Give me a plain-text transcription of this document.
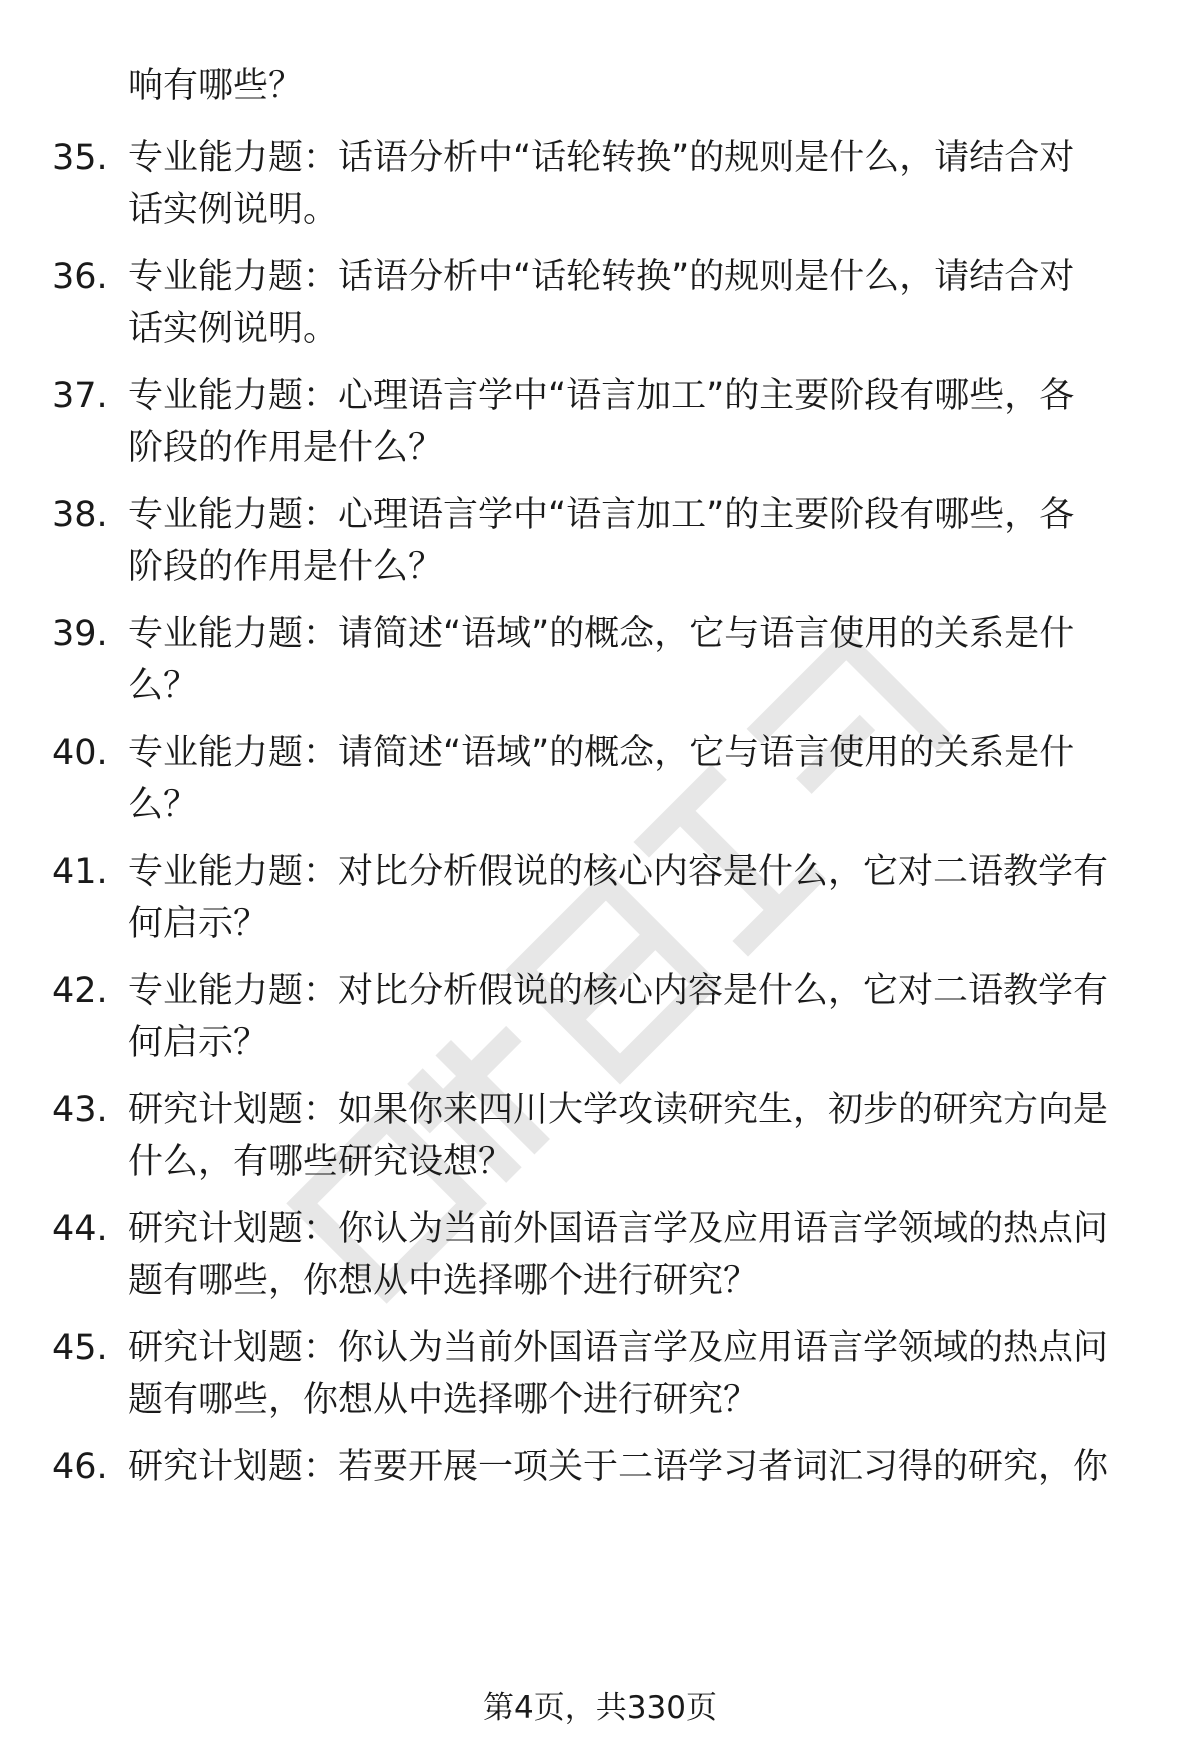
响有哪些？
35. 专业能力题：话语分析中“话轮转换”的规则是什么，请结合对
话实例说明。
36. 专业能力题：话语分析中“话轮转换”的规则是什么，请结合对
话实例说明。
37. 专业能力题：心理语言学中“语言加工”的主要阶段有哪些，各
阶段的作用是什么？
38. 专业能力题：心理语言学中“语言加工”的主要阶段有哪些，各
阶段的作用是什么？
39. 专业能力题：请简述“语域”的概念，它与语言使用的关系是什
么？
40. 专业能力题：请简述“语域”的概念，它与语言使用的关系是什
么？
41. 专业能力题：对比分析假说的核心内容是什么，它对二语教学有
何启示？
42. 专业能力题：对比分析假说的核心内容是什么，它对二语教学有
何启示？
43. 研究计划题：如果你来四川大学攻读研究生，初步的研究方向是
什么，有哪些研究设想？
44. 研究计划题：你认为当前外国语言学及应用语言学领域的热点问
题有哪些，你想从中选择哪个进行研究？
45. 研究计划题：你认为当前外国语言学及应用语言学领域的热点问
题有哪些，你想从中选择哪个进行研究？
46. 研究计划题：若要开展一项关于二语学习者词汇习得的研究，你
第4页，共330页
